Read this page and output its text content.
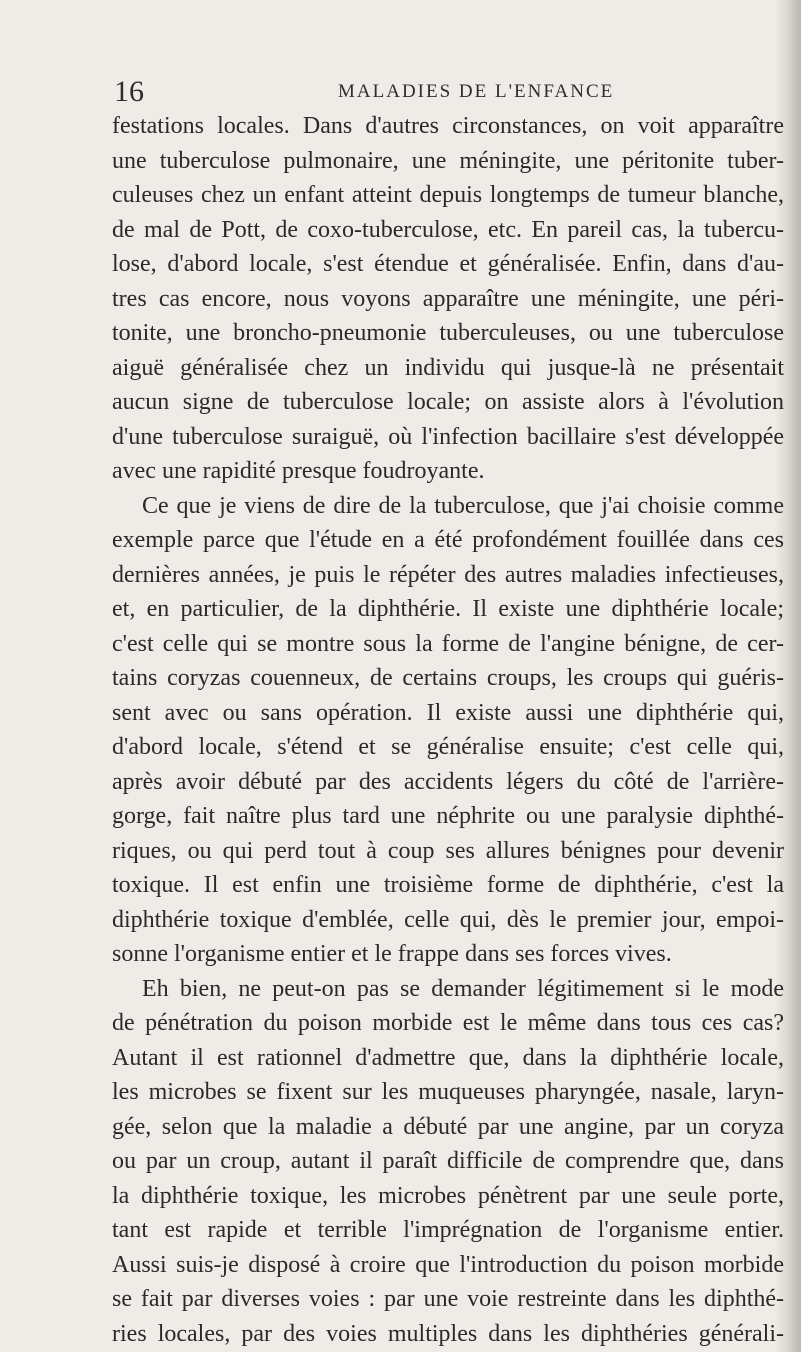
16	MALADIES DE L'ENFANCE
festations locales. Dans d'autres circonstances, on voit apparaître
une tuberculose pulmonaire, une méningite, une péritonite tuber-
culeuses chez un enfant atteint depuis longtemps de tumeur blanche,
de mal de Pott, de coxo-tuberculose, etc. En pareil cas, la tubercu-
lose, d'abord locale, s'est étendue et généralisée. Enfin, dans d'au-
tres cas encore, nous voyons apparaître une méningite, une péri-
tonite, une broncho-pneumonie tuberculeuses, ou une tuberculose
aiguë généralisée chez un individu qui jusque-là ne présentait
aucun signe de tuberculose locale; on assiste alors à l'évolution
d'une tuberculose suraiguë, où l'infection bacillaire s'est développée
avec une rapidité presque foudroyante.
Ce que je viens de dire de la tuberculose, que j'ai choisie comme
exemple parce que l'étude en a été profondément fouillée dans ces
dernières années, je puis le répéter des autres maladies infectieuses,
et, en particulier, de la diphthérie. Il existe une diphthérie locale;
c'est celle qui se montre sous la forme de l'angine bénigne, de cer-
tains coryzas couenneux, de certains croups, les croups qui guéris-
sent avec ou sans opération. Il existe aussi une diphthérie qui,
d'abord locale, s'étend et se généralise ensuite; c'est celle qui,
après avoir débuté par des accidents légers du côté de l'arrière-
gorge, fait naître plus tard une néphrite ou une paralysie diphthé-
riques, ou qui perd tout à coup ses allures bénignes pour devenir
toxique. Il est enfin une troisième forme de diphthérie, c'est la
diphthérie toxique d'emblée, celle qui, dès le premier jour, empoi-
sonne l'organisme entier et le frappe dans ses forces vives.
Eh bien, ne peut-on pas se demander légitimement si le mode
de pénétration du poison morbide est le même dans tous ces cas?
Autant il est rationnel d'admettre que, dans la diphthérie locale,
les microbes se fixent sur les muqueuses pharyngée, nasale, laryn-
gée, selon que la maladie a débuté par une angine, par un coryza
ou par un croup, autant il paraît difficile de comprendre que, dans
la diphthérie toxique, les microbes pénètrent par une seule porte,
tant est rapide et terrible l'imprégnation de l'organisme entier.
Aussi suis-je disposé à croire que l'introduction du poison morbide
se fait par diverses voies : par une voie restreinte dans les diphthé-
ries locales, par des voies multiples dans les diphthéries générali-
